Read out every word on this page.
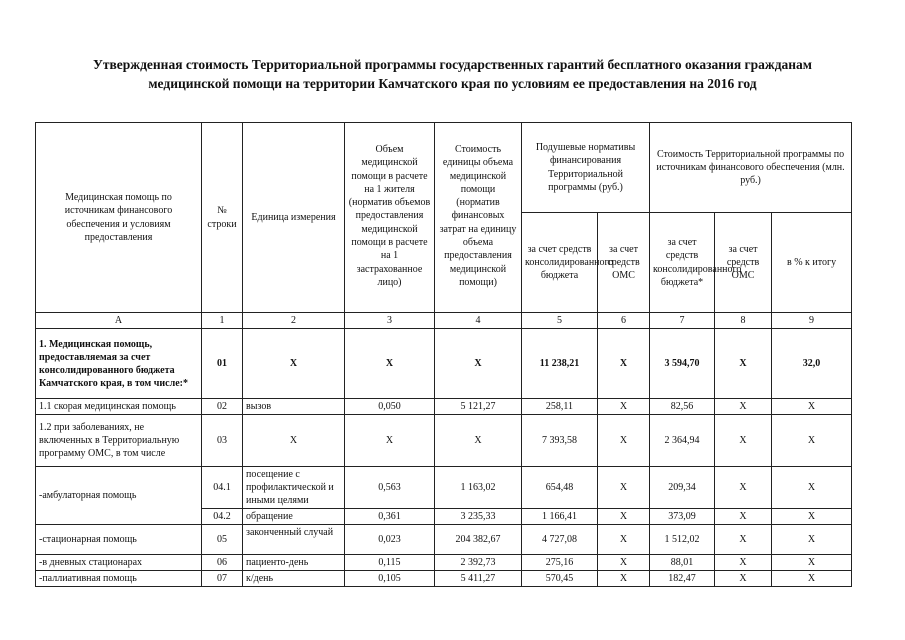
Утвержденная стоимость Территориальной программы государственных гарантий бесплатного оказания гражданам
медицинской помощи на территории Камчатского края по условиям ее предоставления на 2016 год
Медицинская помощь по источникам финансового обеспечения и условиям предоставления	№ строки	Единица измерения	Объем медицинской помощи в расчете на 1 жителя (норматив объемов предоставления медицинской помощи в расчете на 1 застрахованное лицо)	Стоимость единицы объема медицинской помощи (норматив финансовых затрат на единицу объема предоставления медицинской помощи)	Подушевые нормативы финансирования Территориальной программы (руб.)		Стоимость Территориальной программы по источникам финансового обеспечения (млн. руб.)		
					за счет средств консолидированного бюджета	за счет средств ОМС	за счет средств консолидированного бюджета*	за счет средств ОМС	в % к итогу
А	1	2	3	4	5	6	7	8	9
1. Медицинская помощь, предоставляемая за счет консолидированного бюджета Камчатского края, в том числе:*	01	Х	Х	Х	11 238,21	Х	3 594,70	Х	32,0
1.1 скорая медицинская помощь	02	вызов	0,050	5 121,27	258,11	Х	82,56	Х	Х
1.2 при заболеваниях, не включенных в Территориальную программу ОМС, в том числе	03	Х	Х	Х	7 393,58	Х	2 364,94	Х	Х
-амбулаторная помощь	04.1	посещение с профилактической и иными целями	0,563	1 163,02	654,48	Х	209,34	Х	Х
	04.2	обращение	0,361	3 235,33	1 166,41	Х	373,09	Х	Х
-стационарная помощь	05	законченный случай	0,023	204 382,67	4 727,08	Х	1 512,02	Х	Х
-в дневных стационарах	06	пациенто-день	0,115	2 392,73	275,16	Х	88,01	Х	Х
-паллиативная помощь	07	к/день	0,105	5 411,27	570,45	Х	182,47	Х	Х
